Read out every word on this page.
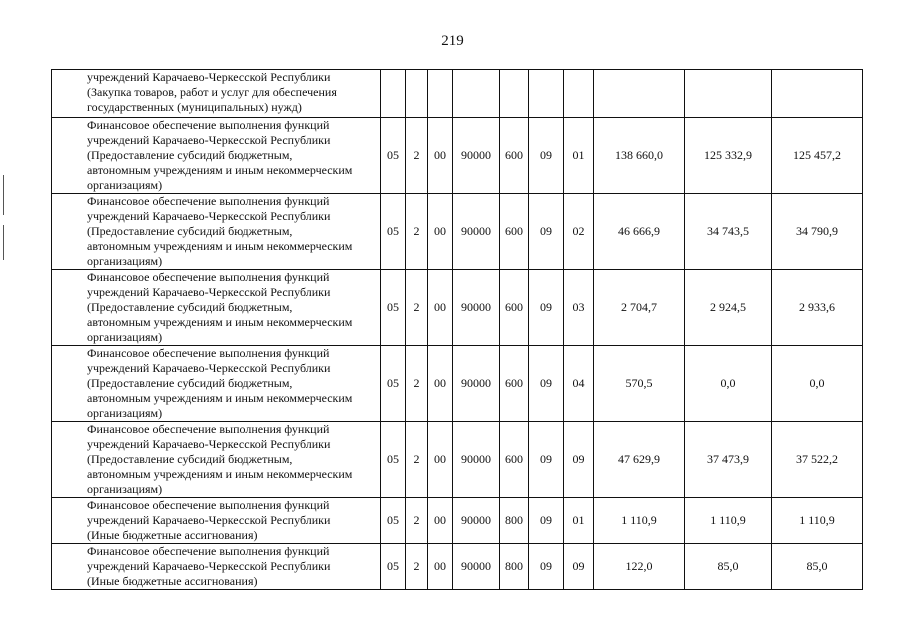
219
учреждений Карачаево-Черкесской Республики
(Закупка товаров, работ и услуг для обеспечения
государственных (муниципальных) нужд)										

Финансовое обеспечение выполнения функций
учреждений Карачаево-Черкесской Республики
(Предоставление субсидий бюджетным,
автономным учреждениям и иным некоммерческим
организациям)	05	2	00	90000	600	09	01	138 660,0	125 332,9	125 457,2

Финансовое обеспечение выполнения функций
учреждений Карачаево-Черкесской Республики
(Предоставление субсидий бюджетным,
автономным учреждениям и иным некоммерческим
организациям)	05	2	00	90000	600	09	02	46 666,9	34 743,5	34 790,9

Финансовое обеспечение выполнения функций
учреждений Карачаево-Черкесской Республики
(Предоставление субсидий бюджетным,
автономным учреждениям и иным некоммерческим
организациям)	05	2	00	90000	600	09	03	2 704,7	2 924,5	2 933,6

Финансовое обеспечение выполнения функций
учреждений Карачаево-Черкесской Республики
(Предоставление субсидий бюджетным,
автономным учреждениям и иным некоммерческим
организациям)	05	2	00	90000	600	09	04	570,5	0,0	0,0

Финансовое обеспечение выполнения функций
учреждений Карачаево-Черкесской Республики
(Предоставление субсидий бюджетным,
автономным учреждениям и иным некоммерческим
организациям)	05	2	00	90000	600	09	09	47 629,9	37 473,9	37 522,2

Финансовое обеспечение выполнения функций
учреждений Карачаево-Черкесской Республики
(Иные бюджетные ассигнования)	05	2	00	90000	800	09	01	1 110,9	1 110,9	1 110,9

Финансовое обеспечение выполнения функций
учреждений Карачаево-Черкесской Республики
(Иные бюджетные ассигнования)	05	2	00	90000	800	09	09	122,0	85,0	85,0
